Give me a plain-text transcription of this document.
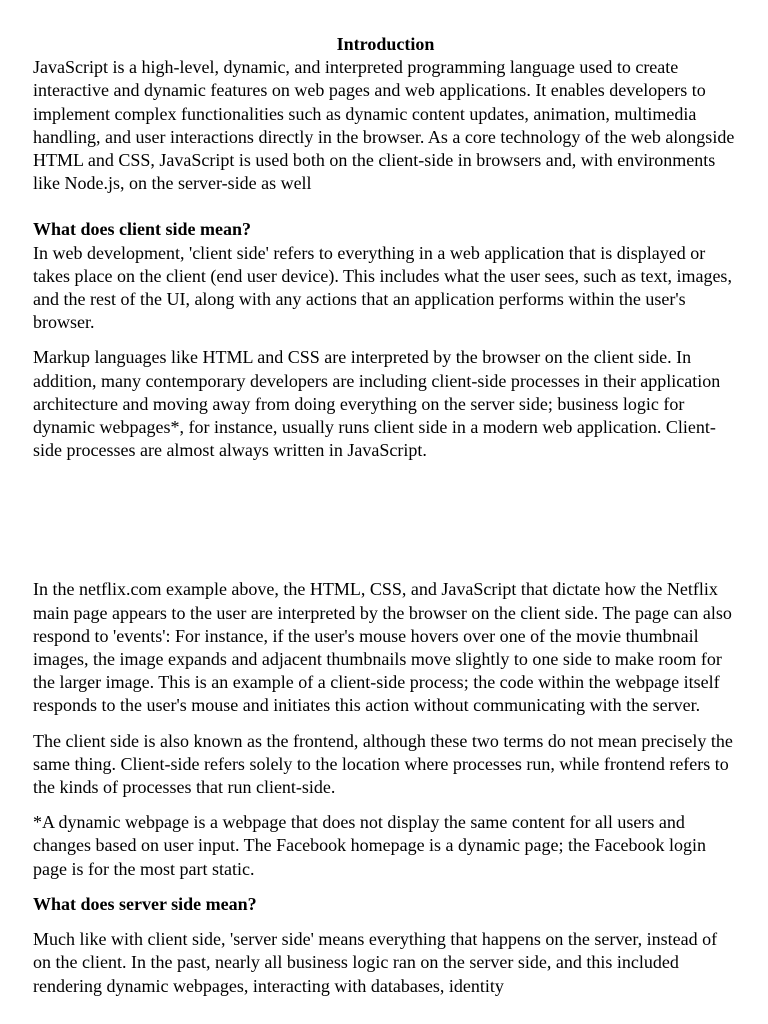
Introduction

JavaScript is a high-level, dynamic, and interpreted programming language used to create interactive and dynamic features on web pages and web applications. It enables developers to implement complex functionalities such as dynamic content updates, animation, multimedia handling, and user interactions directly in the browser. As a core technology of the web alongside HTML and CSS, JavaScript is used both on the client-side in browsers and, with environments like Node.js, on the server-side as well

What does client side mean?

In web development, 'client side' refers to everything in a web application that is displayed or takes place on the client (end user device). This includes what the user sees, such as text, images, and the rest of the UI, along with any actions that an application performs within the user's browser.

Markup languages like HTML and CSS are interpreted by the browser on the client side. In addition, many contemporary developers are including client-side processes in their application architecture and moving away from doing everything on the server side; business logic for dynamic webpages*, for instance, usually runs client side in a modern web application. Client-side processes are almost always written in JavaScript.

In the netflix.com example above, the HTML, CSS, and JavaScript that dictate how the Netflix main page appears to the user are interpreted by the browser on the client side. The page can also respond to 'events': For instance, if the user's mouse hovers over one of the movie thumbnail images, the image expands and adjacent thumbnails move slightly to one side to make room for the larger image. This is an example of a client-side process; the code within the webpage itself responds to the user's mouse and initiates this action without communicating with the server.

The client side is also known as the frontend, although these two terms do not mean precisely the same thing. Client-side refers solely to the location where processes run, while frontend refers to the kinds of processes that run client-side.

*A dynamic webpage is a webpage that does not display the same content for all users and changes based on user input. The Facebook homepage is a dynamic page; the Facebook login page is for the most part static.

What does server side mean?

Much like with client side, 'server side' means everything that happens on the server, instead of on the client. In the past, nearly all business logic ran on the server side, and this included rendering dynamic webpages, interacting with databases, identity
